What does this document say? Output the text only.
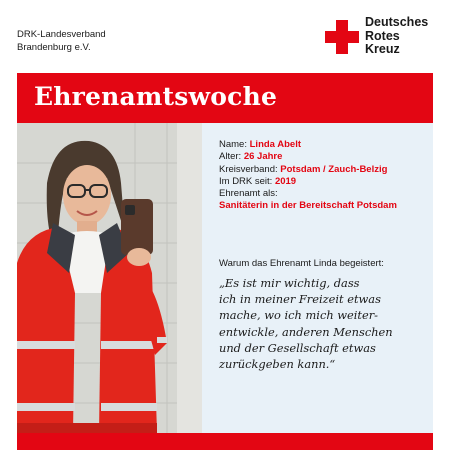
DRK-Landesverband
Brandenburg e.V.
Deutsches
Rotes
Kreuz
Ehrenamtswoche
Name: Linda Abelt
Alter: 26 Jahre
Kreisverband: Potsdam / Zauch-Belzig
Im DRK seit: 2019
Ehrenamt als:
Sanitäterin in der Bereitschaft Potsdam
Warum das Ehrenamt Linda begeistert:
„Es ist mir wichtig, dass
ich in meiner Freizeit etwas
mache, wo ich mich weiter-
entwickle, anderen Menschen
und der Gesellschaft etwas
zurückgeben kann.“
